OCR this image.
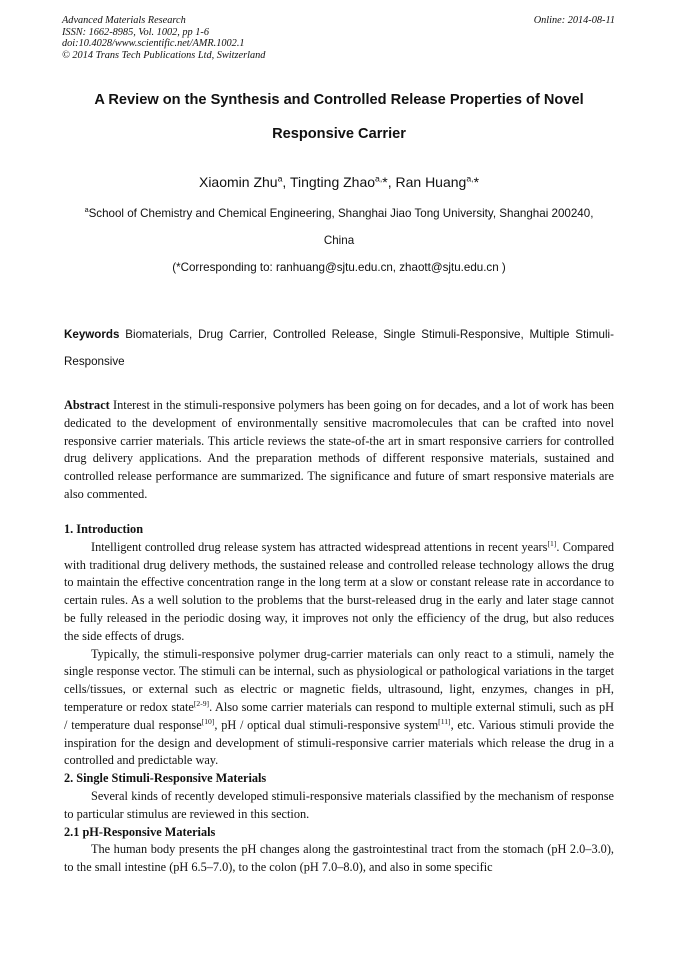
Advanced Materials Research
ISSN: 1662-8985, Vol. 1002, pp 1-6
doi:10.4028/www.scientific.net/AMR.1002.1
© 2014 Trans Tech Publications Ltd, Switzerland
Online: 2014-08-11
A Review on the Synthesis and Controlled Release Properties of Novel
Responsive Carrier
Xiaomin Zhu$^a$, Tingting Zhao$^{a,}$*, Ran Huang$^{a,}$*
$^a$School of Chemistry and Chemical Engineering, Shanghai Jiao Tong University, Shanghai 200240,
China
(*Corresponding to: ranhuang@sjtu.edu.cn, zhaott@sjtu.edu.cn )
Keywords Biomaterials, Drug Carrier, Controlled Release, Single Stimuli-Responsive, Multiple Stimuli-Responsive

Abstract Interest in the stimuli-responsive polymers has been going on for decades, and a lot of work has been dedicated to the development of environmentally sensitive macromolecules that can be crafted into novel responsive carrier materials. This article reviews the state-of-the art in smart responsive carriers for controlled drug delivery applications. And the preparation methods of different responsive materials, sustained and controlled release performance are summarized. The significance and future of smart responsive materials are also commented.

1. Introduction

Intelligent controlled drug release system has attracted widespread attentions in recent years[1]. Compared with traditional drug delivery methods, the sustained release and controlled release technology allows the drug to maintain the effective concentration range in the long term at a slow or constant release rate in accordance to certain rules. As a well solution to the problems that the burst-released drug in the early and later stage cannot be fully released in the periodic dosing way, it improves not only the efficiency of the drug, but also reduces the side effects of drugs.

Typically, the stimuli-responsive polymer drug-carrier materials can only react to a stimuli, namely the single response vector. The stimuli can be internal, such as physiological or pathological variations in the target cells/tissues, or external such as electric or magnetic fields, ultrasound, light, enzymes, changes in pH, temperature or redox state[2-9]. Also some carrier materials can respond to multiple external stimuli, such as pH / temperature dual response[10], pH / optical dual stimuli-responsive system[11], etc. Various stimuli provide the inspiration for the design and development of stimuli-responsive carrier materials which release the drug in a controlled and predictable way.

2. Single Stimuli-Responsive Materials

Several kinds of recently developed stimuli-responsive materials classified by the mechanism of response to particular stimulus are reviewed in this section.

2.1 pH-Responsive Materials

The human body presents the pH changes along the gastrointestinal tract from the stomach (pH 2.0–3.0), to the small intestine (pH 6.5–7.0), to the colon (pH 7.0–8.0), and also in some specific
